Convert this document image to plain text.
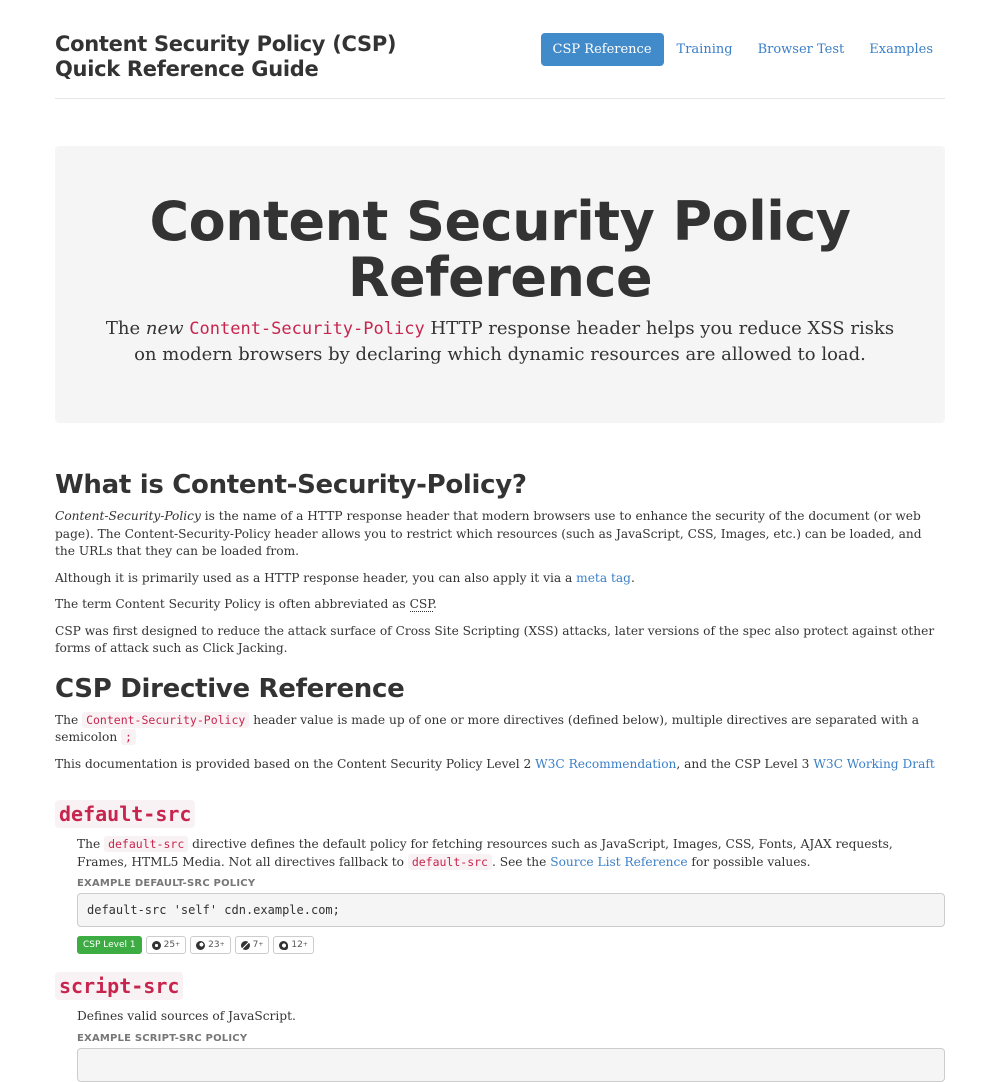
Content Security Policy (CSP)
Quick Reference Guide
CSP Reference	Training	Browser Test	Examples
Content Security Policy
Reference

The new Content-Security-Policy HTTP response header helps you reduce XSS risks on modern browsers by declaring which dynamic resources are allowed to load.

What is Content-Security-Policy?

Content-Security-Policy is the name of a HTTP response header that modern browsers use to enhance the security of the document (or web page). The Content-Security-Policy header allows you to restrict which resources (such as JavaScript, CSS, Images, etc.) can be loaded, and the URLs that they can be loaded from.

Although it is primarily used as a HTTP response header, you can also apply it via a meta tag.

The term Content Security Policy is often abbreviated as CSP.

CSP was first designed to reduce the attack surface of Cross Site Scripting (XSS) attacks, later versions of the spec also protect against other forms of attack such as Click Jacking.

CSP Directive Reference

The Content-Security-Policy header value is made up of one or more directives (defined below), multiple directives are separated with a semicolon ;

This documentation is provided based on the Content Security Policy Level 2 W3C Recommendation, and the CSP Level 3 W3C Working Draft

default-src

The default-src directive defines the default policy for fetching resources such as JavaScript, Images, CSS, Fonts, AJAX requests, Frames, HTML5 Media. Not all directives fallback to default-src . See the Source List Reference for possible values.

EXAMPLE DEFAULT-SRC POLICY
default-src 'self' cdn.example.com;
CSP Level 1	25 +	23 +	7 +	12 +
script-src

Defines valid sources of JavaScript.

EXAMPLE SCRIPT-SRC POLICY
